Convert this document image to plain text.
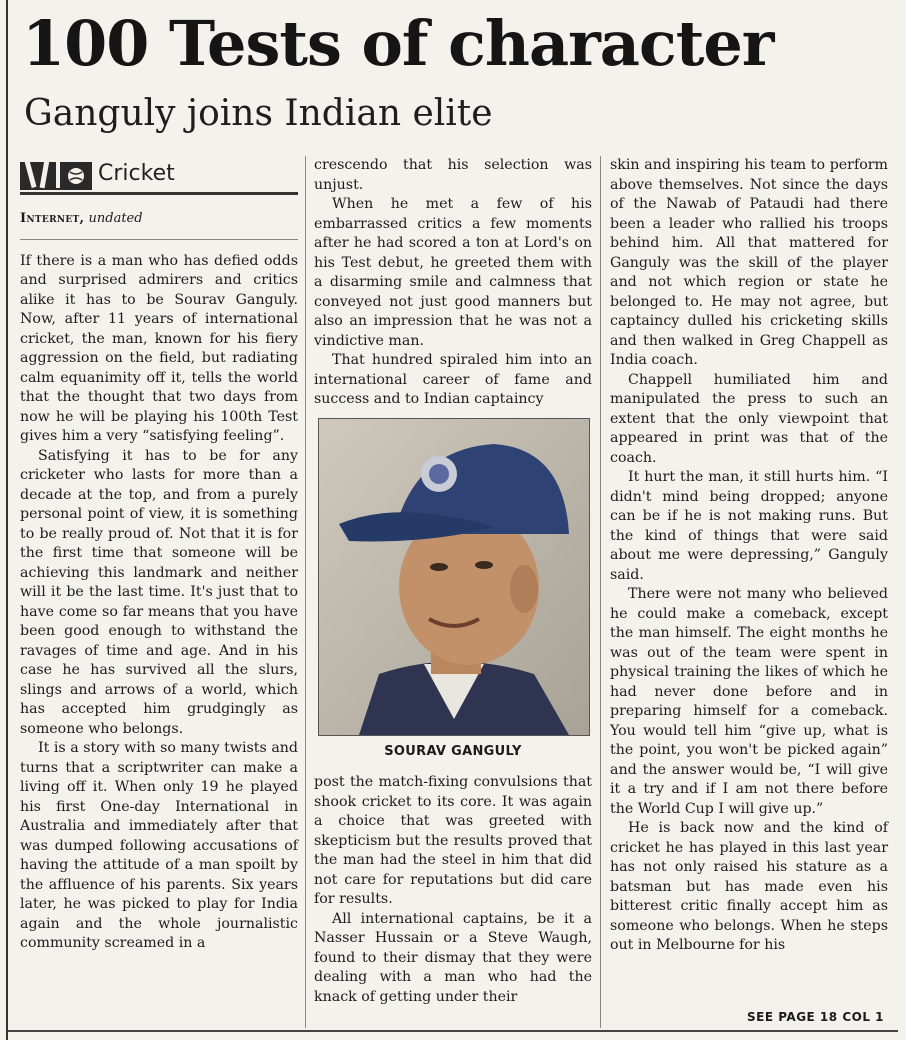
100 Tests of character
Ganguly joins Indian elite
Cricket
Internet, undated

If there is a man who has defied odds and surprised admirers and critics alike it has to be Sourav Ganguly. Now, after 11 years of international cricket, the man, known for his fiery aggression on the field, but radiating calm equanimity off it, tells the world that the thought that two days from now he will be playing his 100th Test gives him a very “satisfying feeling”.

Satisfying it has to be for any cricketer who lasts for more than a decade at the top, and from a purely personal point of view, it is something to be really proud of. Not that it is for the first time that someone will be achieving this landmark and neither will it be the last time. It's just that to have come so far means that you have been good enough to withstand the ravages of time and age. And in his case he has survived all the slurs, slings and arrows of a world, which has accepted him grudgingly as someone who belongs.

It is a story with so many twists and turns that a scriptwriter can make a living off it. When only 19 he played his first One-day International in Australia and immediately after that was dumped following accusations of having the attitude of a man spoilt by the affluence of his parents. Six years later, he was picked to play for India again and the whole journalistic community screamed in a

crescendo that his selection was unjust.

When he met a few of his embarrassed critics a few moments after he had scored a ton at Lord's on his Test debut, he greeted them with a disarming smile and calmness that conveyed not just good manners but also an impression that he was not a vindictive man.

That hundred spiraled him into an international career of fame and success and to Indian captaincy

SOURAV GANGULY

post the match-fixing convulsions that shook cricket to its core. It was again a choice that was greeted with skepticism but the results proved that the man had the steel in him that did not care for reputations but did care for results.

All international captains, be it a Nasser Hussain or a Steve Waugh, found to their dismay that they were dealing with a man who had the knack of getting under their

skin and inspiring his team to perform above themselves. Not since the days of the Nawab of Pataudi had there been a leader who rallied his troops behind him. All that mattered for Ganguly was the skill of the player and not which region or state he belonged to. He may not agree, but captaincy dulled his cricketing skills and then walked in Greg Chappell as India coach.

Chappell humiliated him and manipulated the press to such an extent that the only viewpoint that appeared in print was that of the coach.

It hurt the man, it still hurts him. “I didn't mind being dropped; anyone can be if he is not making runs. But the kind of things that were said about me were depressing,” Ganguly said.

There were not many who believed he could make a comeback, except the man himself. The eight months he was out of the team were spent in physical training the likes of which he had never done before and in preparing himself for a comeback. You would tell him “give up, what is the point, you won't be picked again” and the answer would be, “I will give it a try and if I am not there before the World Cup I will give up.”

He is back now and the kind of cricket he has played in this last year has not only raised his stature as a batsman but has made even his bitterest critic finally accept him as someone who belongs. When he steps out in Melbourne for his

SEE PAGE 18 COL 1
